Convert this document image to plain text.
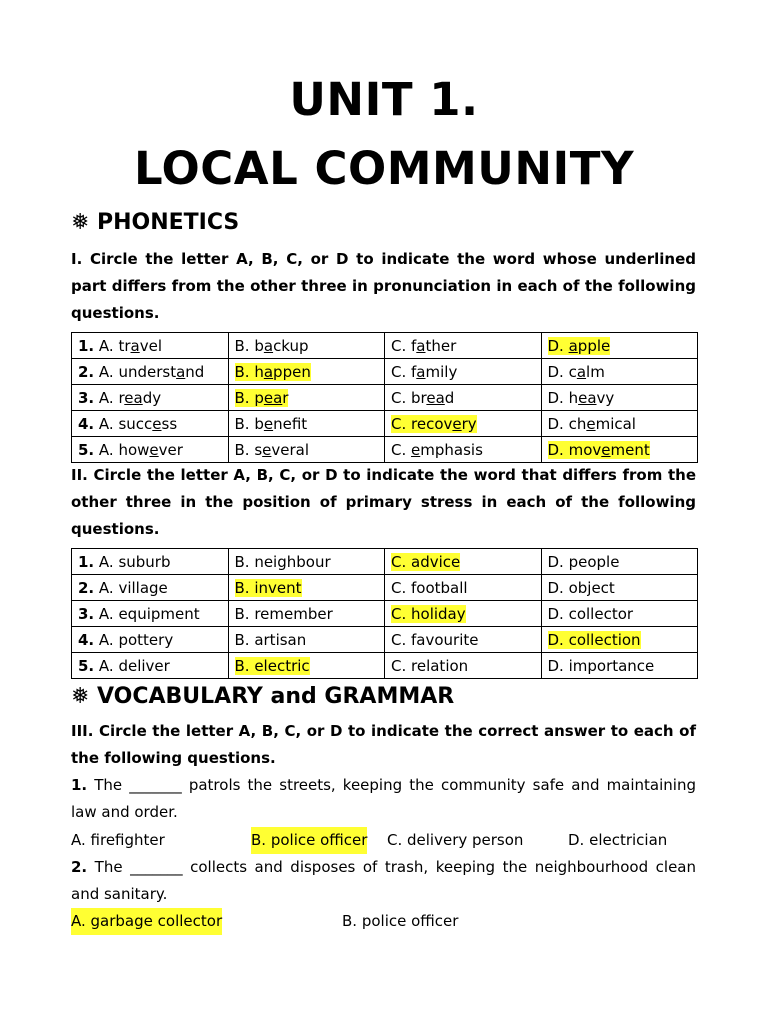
UNIT 1.
LOCAL COMMUNITY
❅ PHONETICS
I. Circle the letter A, B, C, or D to indicate the word whose underlined part differs from the other three in pronunciation in each of the following questions.
1. A. travel	B. backup	C. father	D. apple
2. A. understand	B. happen	C. family	D. calm
3. A. ready	B. pear	C. bread	D. heavy
4. A. success	B. benefit	C. recovery	D. chemical
5. A. however	B. several	C. emphasis	D. movement
II. Circle the letter A, B, C, or D to indicate the word that differs from the other three in the position of primary stress in each of the following questions.
1. A. suburb	B. neighbour	C. advice	D. people
2. A. village	B. invent	C. football	D. object
3. A. equipment	B. remember	C. holiday	D. collector
4. A. pottery	B. artisan	C. favourite	D. collection
5. A. deliver	B. electric	C. relation	D. importance
❅ VOCABULARY and GRAMMAR
III. Circle the letter A, B, C, or D to indicate the correct answer to each of the following questions.
1. The _______ patrols the streets, keeping the community safe and maintaining law and order.
A. firefighter	B. police officer C. delivery person	D. electrician
2. The _______ collects and disposes of trash, keeping the neighbourhood clean and sanitary.
A. garbage collector	B. police officer
